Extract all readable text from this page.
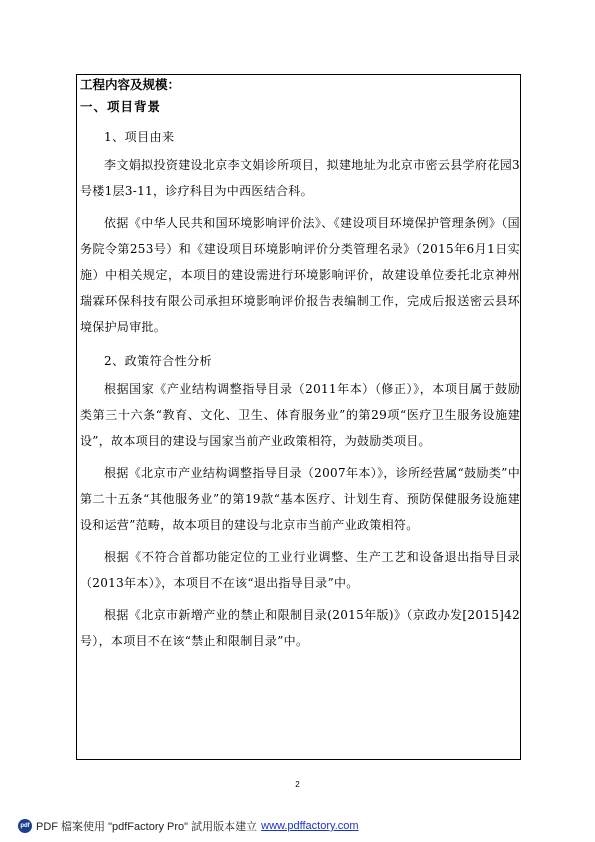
工程内容及规模：

一、项目背景

1、项目由来

李文娟拟投资建设北京李文娟诊所项目，拟建地址为北京市密云县学府花园3号楼1层3-11，诊疗科目为中西医结合科。

依据《中华人民共和国环境影响评价法》、《建设项目环境保护管理条例》（国务院令第253号）和《建设项目环境影响评价分类管理名录》（2015年6月1日实施）中相关规定，本项目的建设需进行环境影响评价，故建设单位委托北京神州瑞霖环保科技有限公司承担环境影响评价报告表编制工作，完成后报送密云县环境保护局审批。

2、政策符合性分析

根据国家《产业结构调整指导目录（2011年本）（修正）》，本项目属于鼓励类第三十六条“教育、文化、卫生、体育服务业”的第29项“医疗卫生服务设施建设”，故本项目的建设与国家当前产业政策相符，为鼓励类项目。

根据《北京市产业结构调整指导目录（2007年本）》，诊所经营属“鼓励类”中第二十五条“其他服务业”的第19款“基本医疗、计划生育、预防保健服务设施建设和运营”范畴，故本项目的建设与北京市当前产业政策相符。

根据《不符合首都功能定位的工业行业调整、生产工艺和设备退出指导目录（2013年本）》，本项目不在该“退出指导目录”中。

根据《北京市新增产业的禁止和限制目录(2015年版)》（京政办发[2015]42号），本项目不在该“禁止和限制目录”中。

2
pdf PDF 檔案使用 "pdfFactory Pro" 試用版本建立 www.pdffactory.com
